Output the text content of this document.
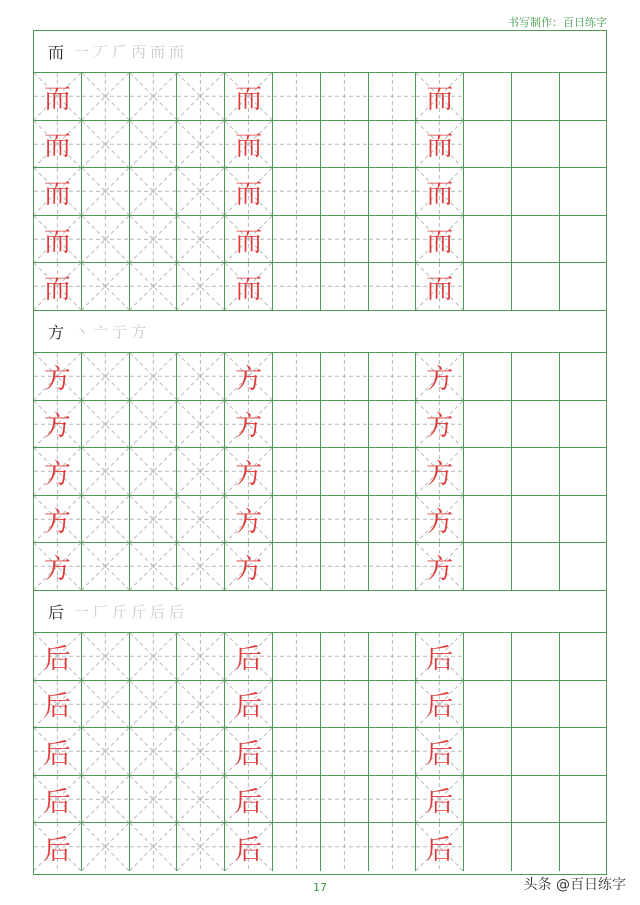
书写制作：百日练字
而 一 丆 𠂆 丙 而 而
而	而	而
而	而	而
而	而	而
而	而	而
而	而	而
方 丶 亠 亍 方
方	方	方
方	方	方
方	方	方
方	方	方
方	方	方
后 一 厂 斤 斤 后 后
后	后	后
后	后	后
后	后	后
后	后	后
后	后	后
17	头条 @百日练字
